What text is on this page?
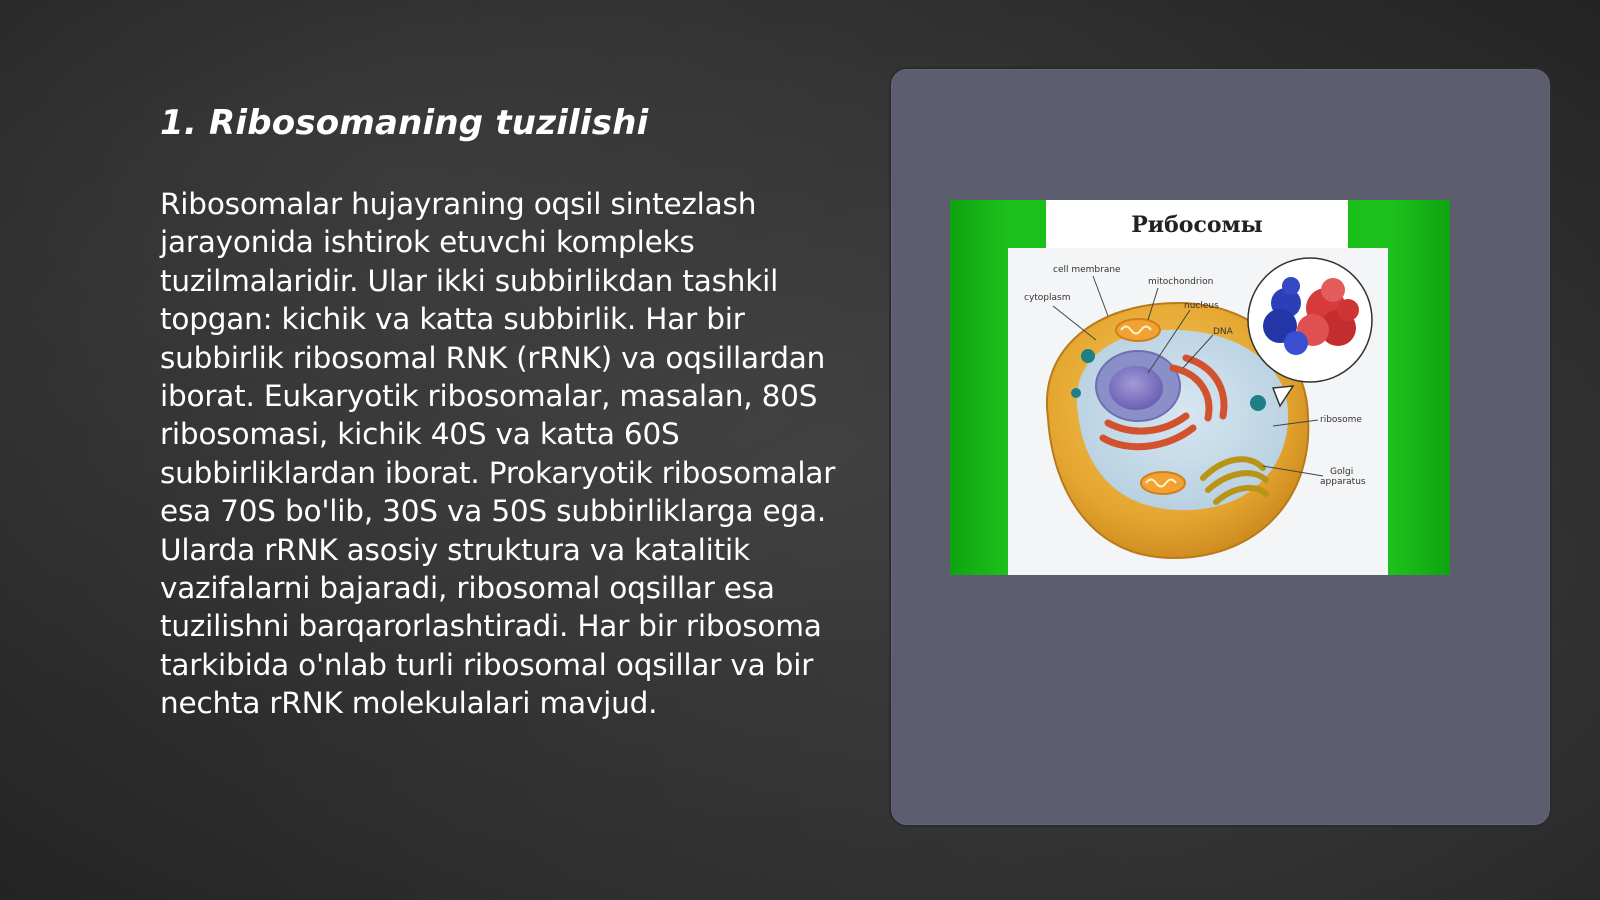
1. Ribosomaning tuzilishi

Ribosomalar hujayraning oqsil sintezlash jarayonida ishtirok etuvchi kompleks tuzilmalaridir. Ular ikki subbirlikdan tashkil topgan: kichik va katta subbirlik. Har bir subbirlik ribosomal RNK (rRNK) va oqsillardan iborat. Eukaryotik ribosomalar, masalan, 80S ribosomasi, kichik 40S va katta 60S subbirliklardan iborat. Prokaryotik ribosomalar esa 70S bo'lib, 30S va 50S subbirliklarga ega. Ularda rRNK asosiy struktura va katalitik vazifalarni bajaradi, ribosomal oqsillar esa tuzilishni barqarorlashtiradi. Har bir ribosoma tarkibida o'nlab turli ribosomal oqsillar va bir nechta rRNK molekulalari mavjud.

Рибосомы
cell membrane
mitochondrion
cytoplasm
nucleus
DNA
ribosome
Golgi
apparatus
